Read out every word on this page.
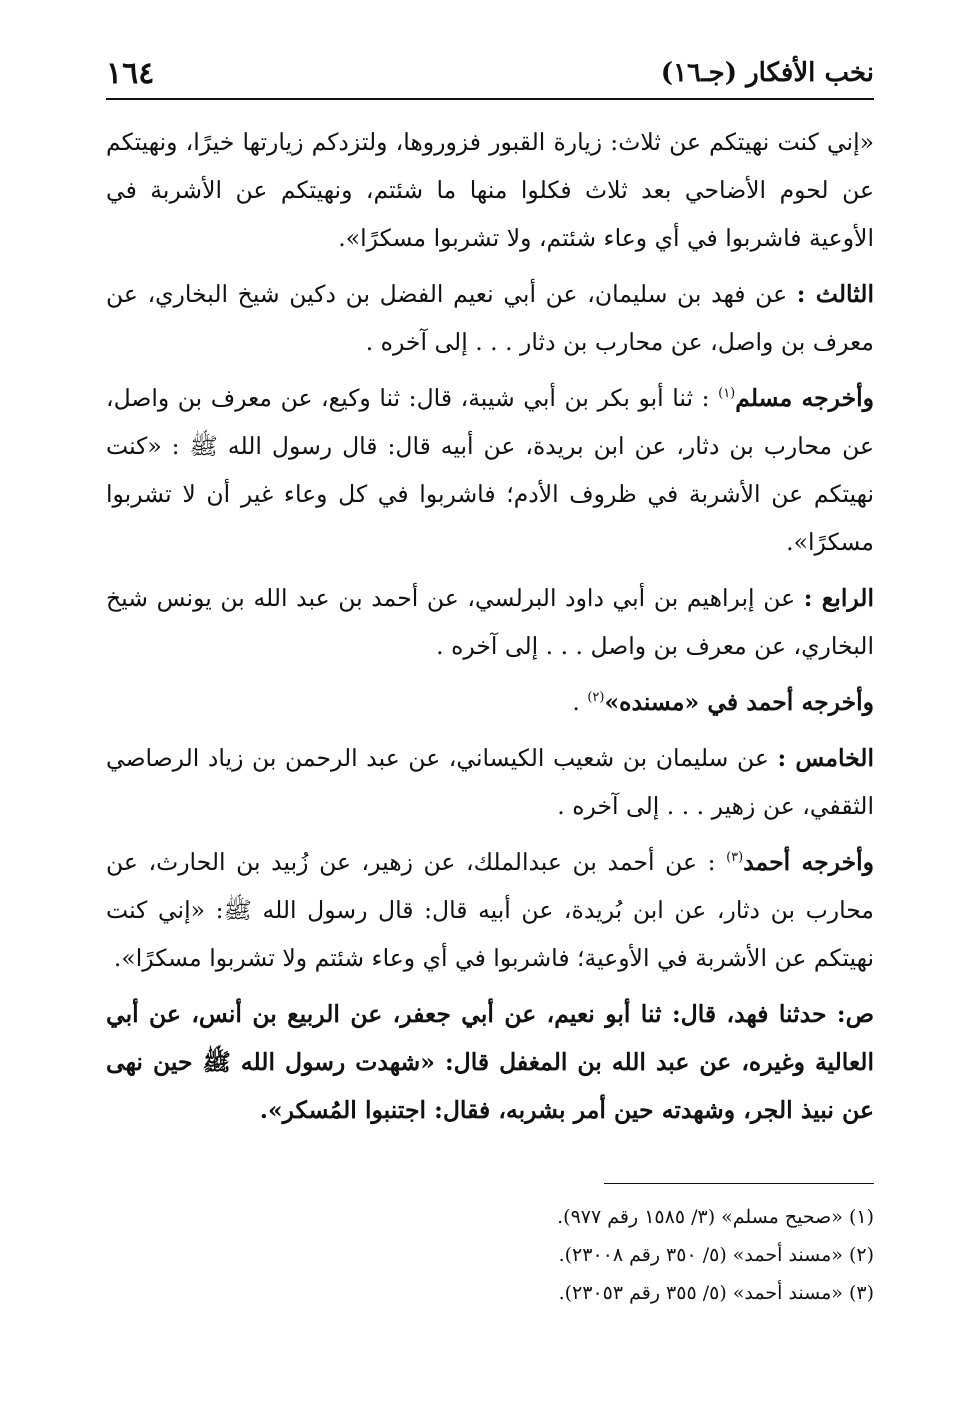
١٦٤	نخب الأفكار (جـ١٦)

«إني كنت نهيتكم عن ثلاث: زيارة القبور فزوروها، ولتزدكم زيارتها خيرًا، ونهيتكم عن لحوم الأضاحي بعد ثلاث فكلوا منها ما شئتم، ونهيتكم عن الأشربة في الأوعية فاشربوا في أي وعاء شئتم، ولا تشربوا مسكرًا».

الثالث : عن فهد بن سليمان، عن أبي نعيم الفضل بن دكين شيخ البخاري، عن معرف بن واصل، عن محارب بن دثار . . . إلى آخره .

وأخرجه مسلم$^{(١)}$ : ثنا أبو بكر بن أبي شيبة، قال: ثنا وكيع، عن معرف بن واصل، عن محارب بن دثار، عن ابن بريدة، عن أبيه قال: قال رسول الله ﷺ : «كنت نهيتكم عن الأشربة في ظروف الأدم؛ فاشربوا في كل وعاء غير أن لا تشربوا مسكرًا».

الرابع : عن إبراهيم بن أبي داود البرلسي، عن أحمد بن عبد الله بن يونس شيخ البخاري، عن معرف بن واصل . . . إلى آخره .

وأخرجه أحمد في «مسنده»$^{(٢)}$ .

الخامس : عن سليمان بن شعيب الكيساني، عن عبد الرحمن بن زياد الرصاصي الثقفي، عن زهير . . . إلى آخره .

وأخرجه أحمد$^{(٣)}$ : عن أحمد بن عبدالملك، عن زهير، عن زُبيد بن الحارث، عن محارب بن دثار، عن ابن بُريدة، عن أبيه قال: قال رسول الله ﷺ: «إني كنت نهيتكم عن الأشربة في الأوعية؛ فاشربوا في أي وعاء شئتم ولا تشربوا مسكرًا».

ص: حدثنا فهد، قال: ثنا أبو نعيم، عن أبي جعفر، عن الربيع بن أنس، عن أبي العالية وغيره، عن عبد الله بن المغفل قال: «شهدت رسول الله ﷺ حين نهى عن نبيذ الجر، وشهدته حين أمر بشربه، فقال: اجتنبوا المُسكر».

(١) «صحيح مسلم» (٣/ ١٥٨٥ رقم ٩٧٧).

(٢) «مسند أحمد» (٥/ ٣٥٠ رقم ٢٣٠٠٨).

(٣) «مسند أحمد» (٥/ ٣٥٥ رقم ٢٣٠٥٣).
